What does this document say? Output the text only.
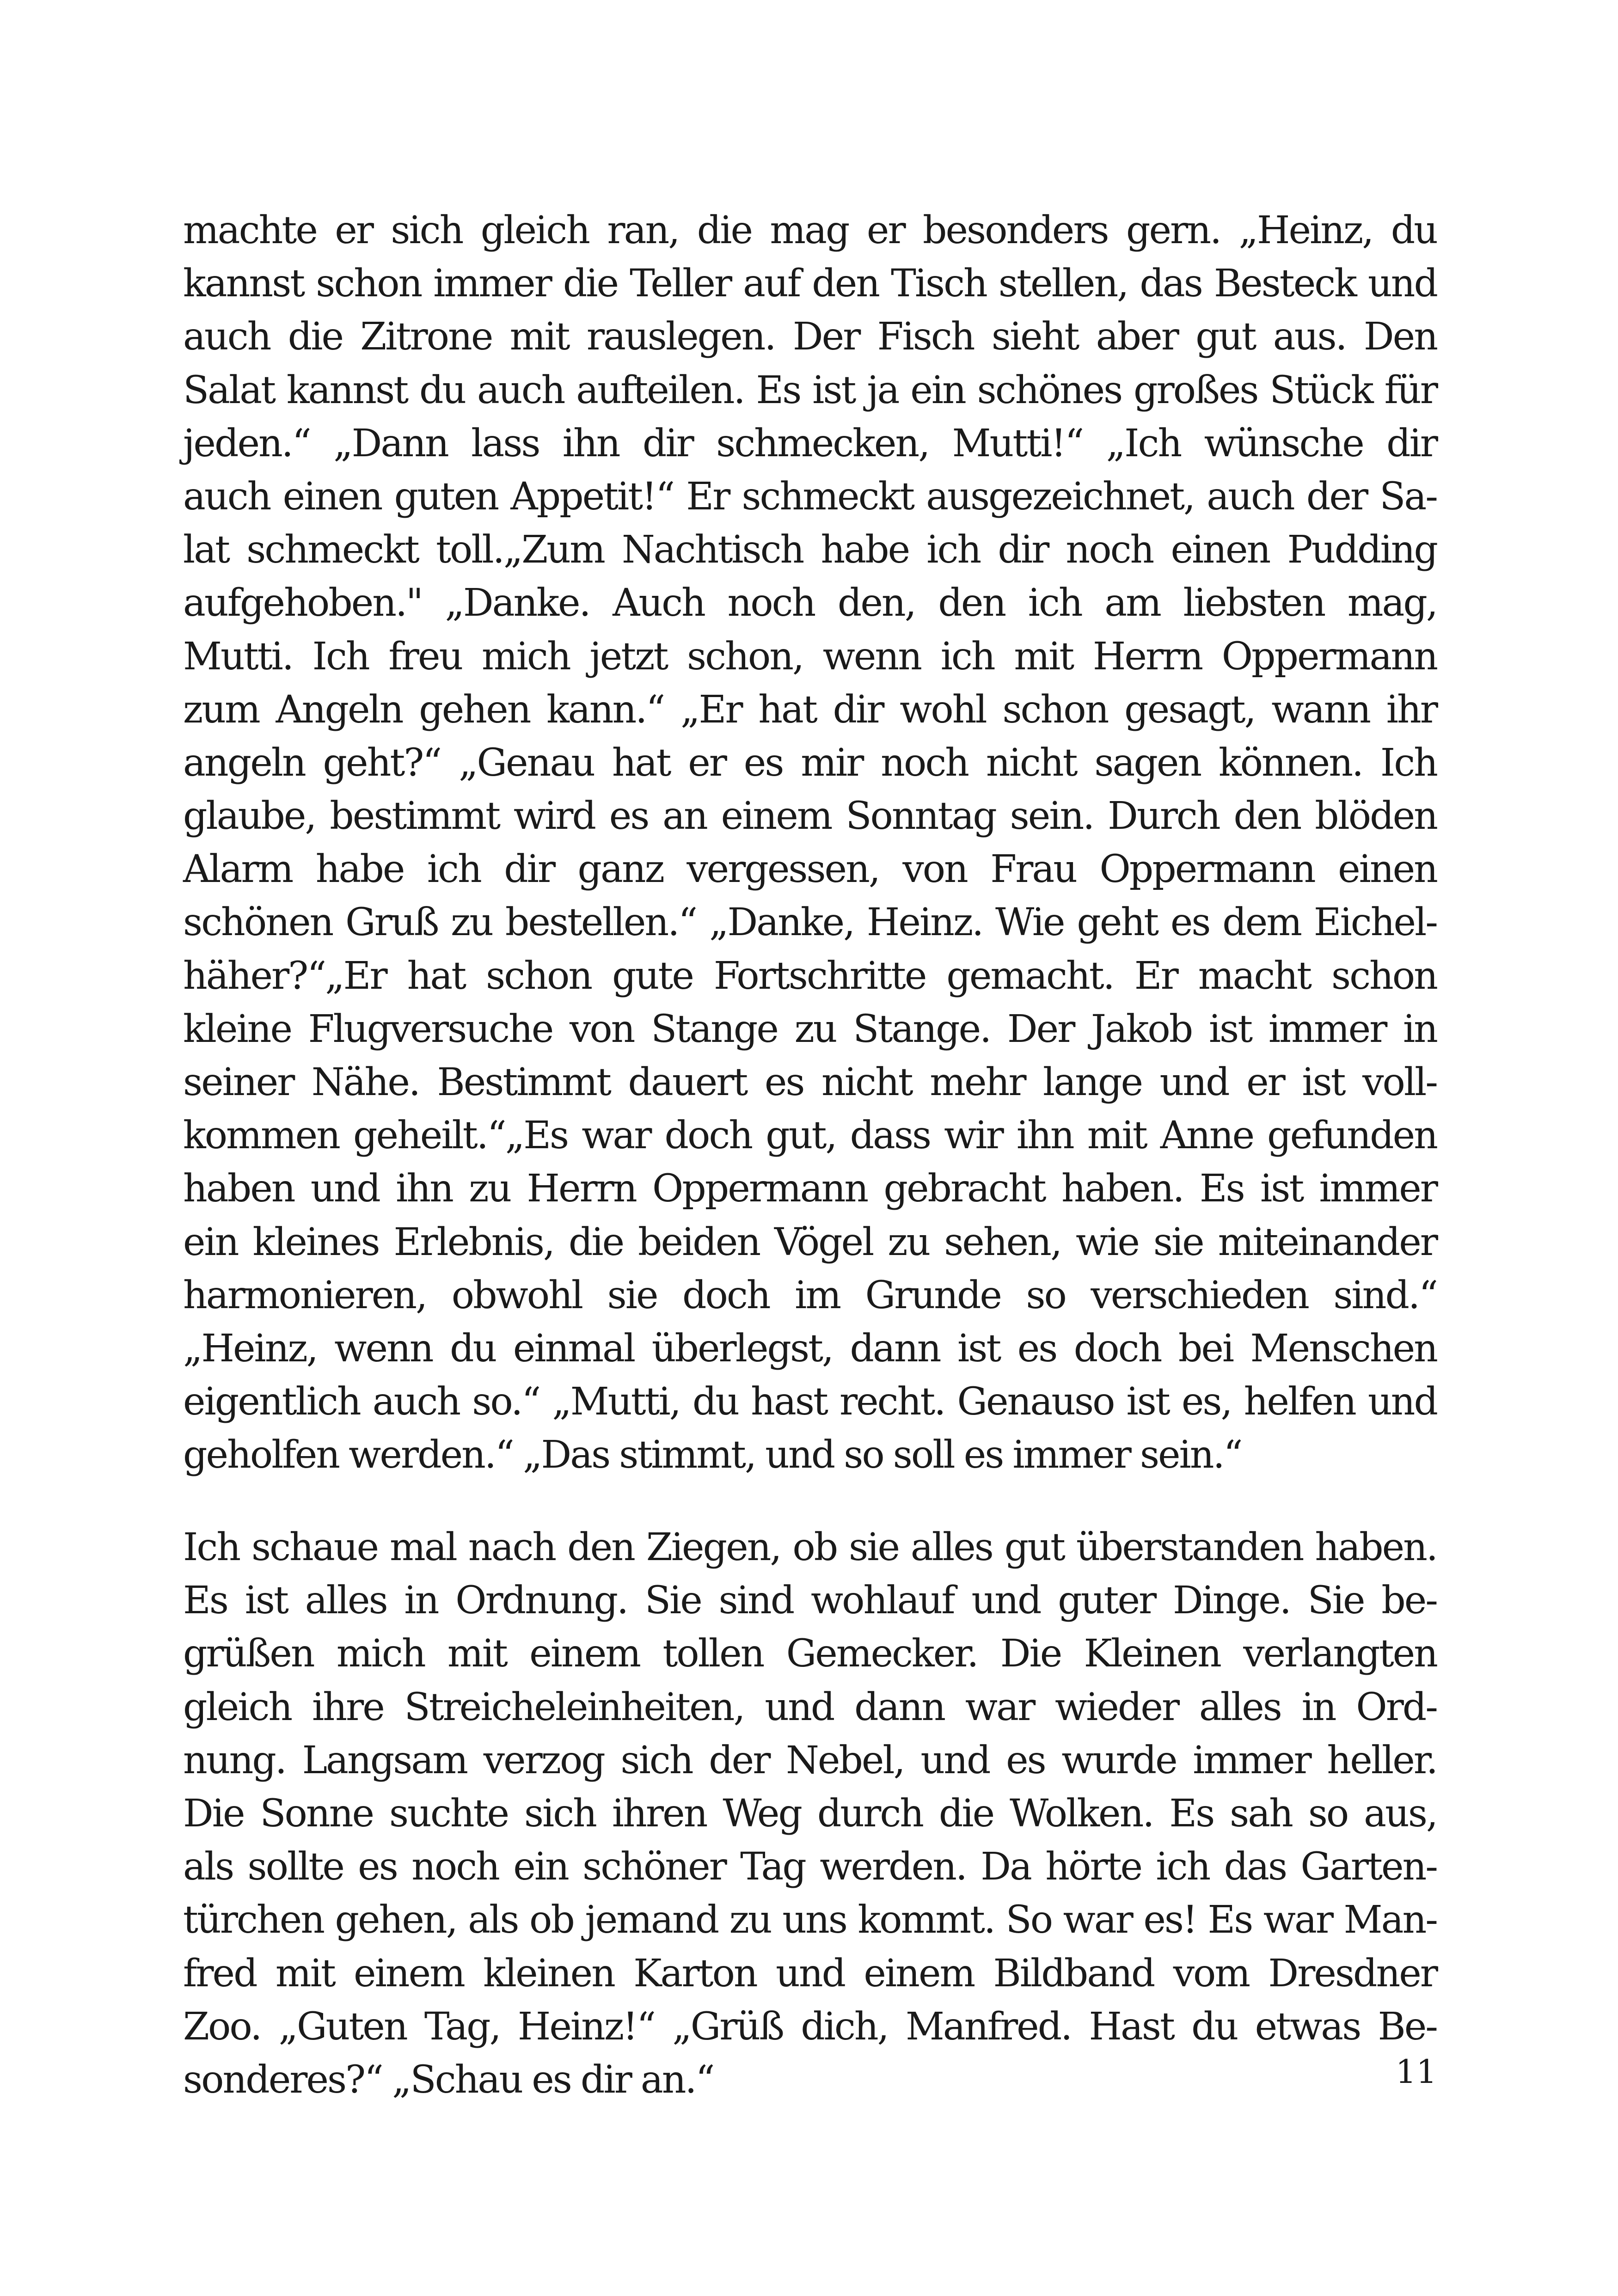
machte er sich gleich ran, die mag er besonders gern. „Heinz, du
kannst schon immer die Teller auf den Tisch stellen, das Besteck und
auch die Zitrone mit rauslegen. Der Fisch sieht aber gut aus. Den
Salat kannst du auch aufteilen. Es ist ja ein schönes großes Stück für
jeden.“ „Dann lass ihn dir schmecken, Mutti!“ „Ich wünsche dir
auch einen guten Appetit!“ Er schmeckt ausgezeichnet, auch der Sa-
lat schmeckt toll.„Zum Nachtisch habe ich dir noch einen Pudding
aufgehoben." „Danke. Auch noch den, den ich am liebsten mag,
Mutti. Ich freu mich jetzt schon, wenn ich mit Herrn Oppermann
zum Angeln gehen kann.“ „Er hat dir wohl schon gesagt, wann ihr
angeln geht?“ „Genau hat er es mir noch nicht sagen können. Ich
glaube, bestimmt wird es an einem Sonntag sein. Durch den blöden
Alarm habe ich dir ganz vergessen, von Frau Oppermann einen
schönen Gruß zu bestellen.“ „Danke, Heinz. Wie geht es dem Eichel-
häher?“„Er hat schon gute Fortschritte gemacht. Er macht schon
kleine Flugversuche von Stange zu Stange. Der Jakob ist immer in
seiner Nähe. Bestimmt dauert es nicht mehr lange und er ist voll-
kommen geheilt.“„Es war doch gut, dass wir ihn mit Anne gefunden
haben und ihn zu Herrn Oppermann gebracht haben. Es ist immer
ein kleines Erlebnis, die beiden Vögel zu sehen, wie sie miteinander
harmonieren, obwohl sie doch im Grunde so verschieden sind.“
„Heinz, wenn du einmal überlegst, dann ist es doch bei Menschen
eigentlich auch so.“ „Mutti, du hast recht. Genauso ist es, helfen und
geholfen werden.“ „Das stimmt, und so soll es immer sein.“
Ich schaue mal nach den Ziegen, ob sie alles gut überstanden haben.
Es ist alles in Ordnung. Sie sind wohlauf und guter Dinge. Sie be-
grüßen mich mit einem tollen Gemecker. Die Kleinen verlangten
gleich ihre Streicheleinheiten, und dann war wieder alles in Ord-
nung. Langsam verzog sich der Nebel, und es wurde immer heller.
Die Sonne suchte sich ihren Weg durch die Wolken. Es sah so aus,
als sollte es noch ein schöner Tag werden. Da hörte ich das Garten-
türchen gehen, als ob jemand zu uns kommt. So war es! Es war Man-
fred mit einem kleinen Karton und einem Bildband vom Dresdner
Zoo. „Guten Tag, Heinz!“ „Grüß dich, Manfred. Hast du etwas Be-
sonderes?“ „Schau es dir an.“	11
